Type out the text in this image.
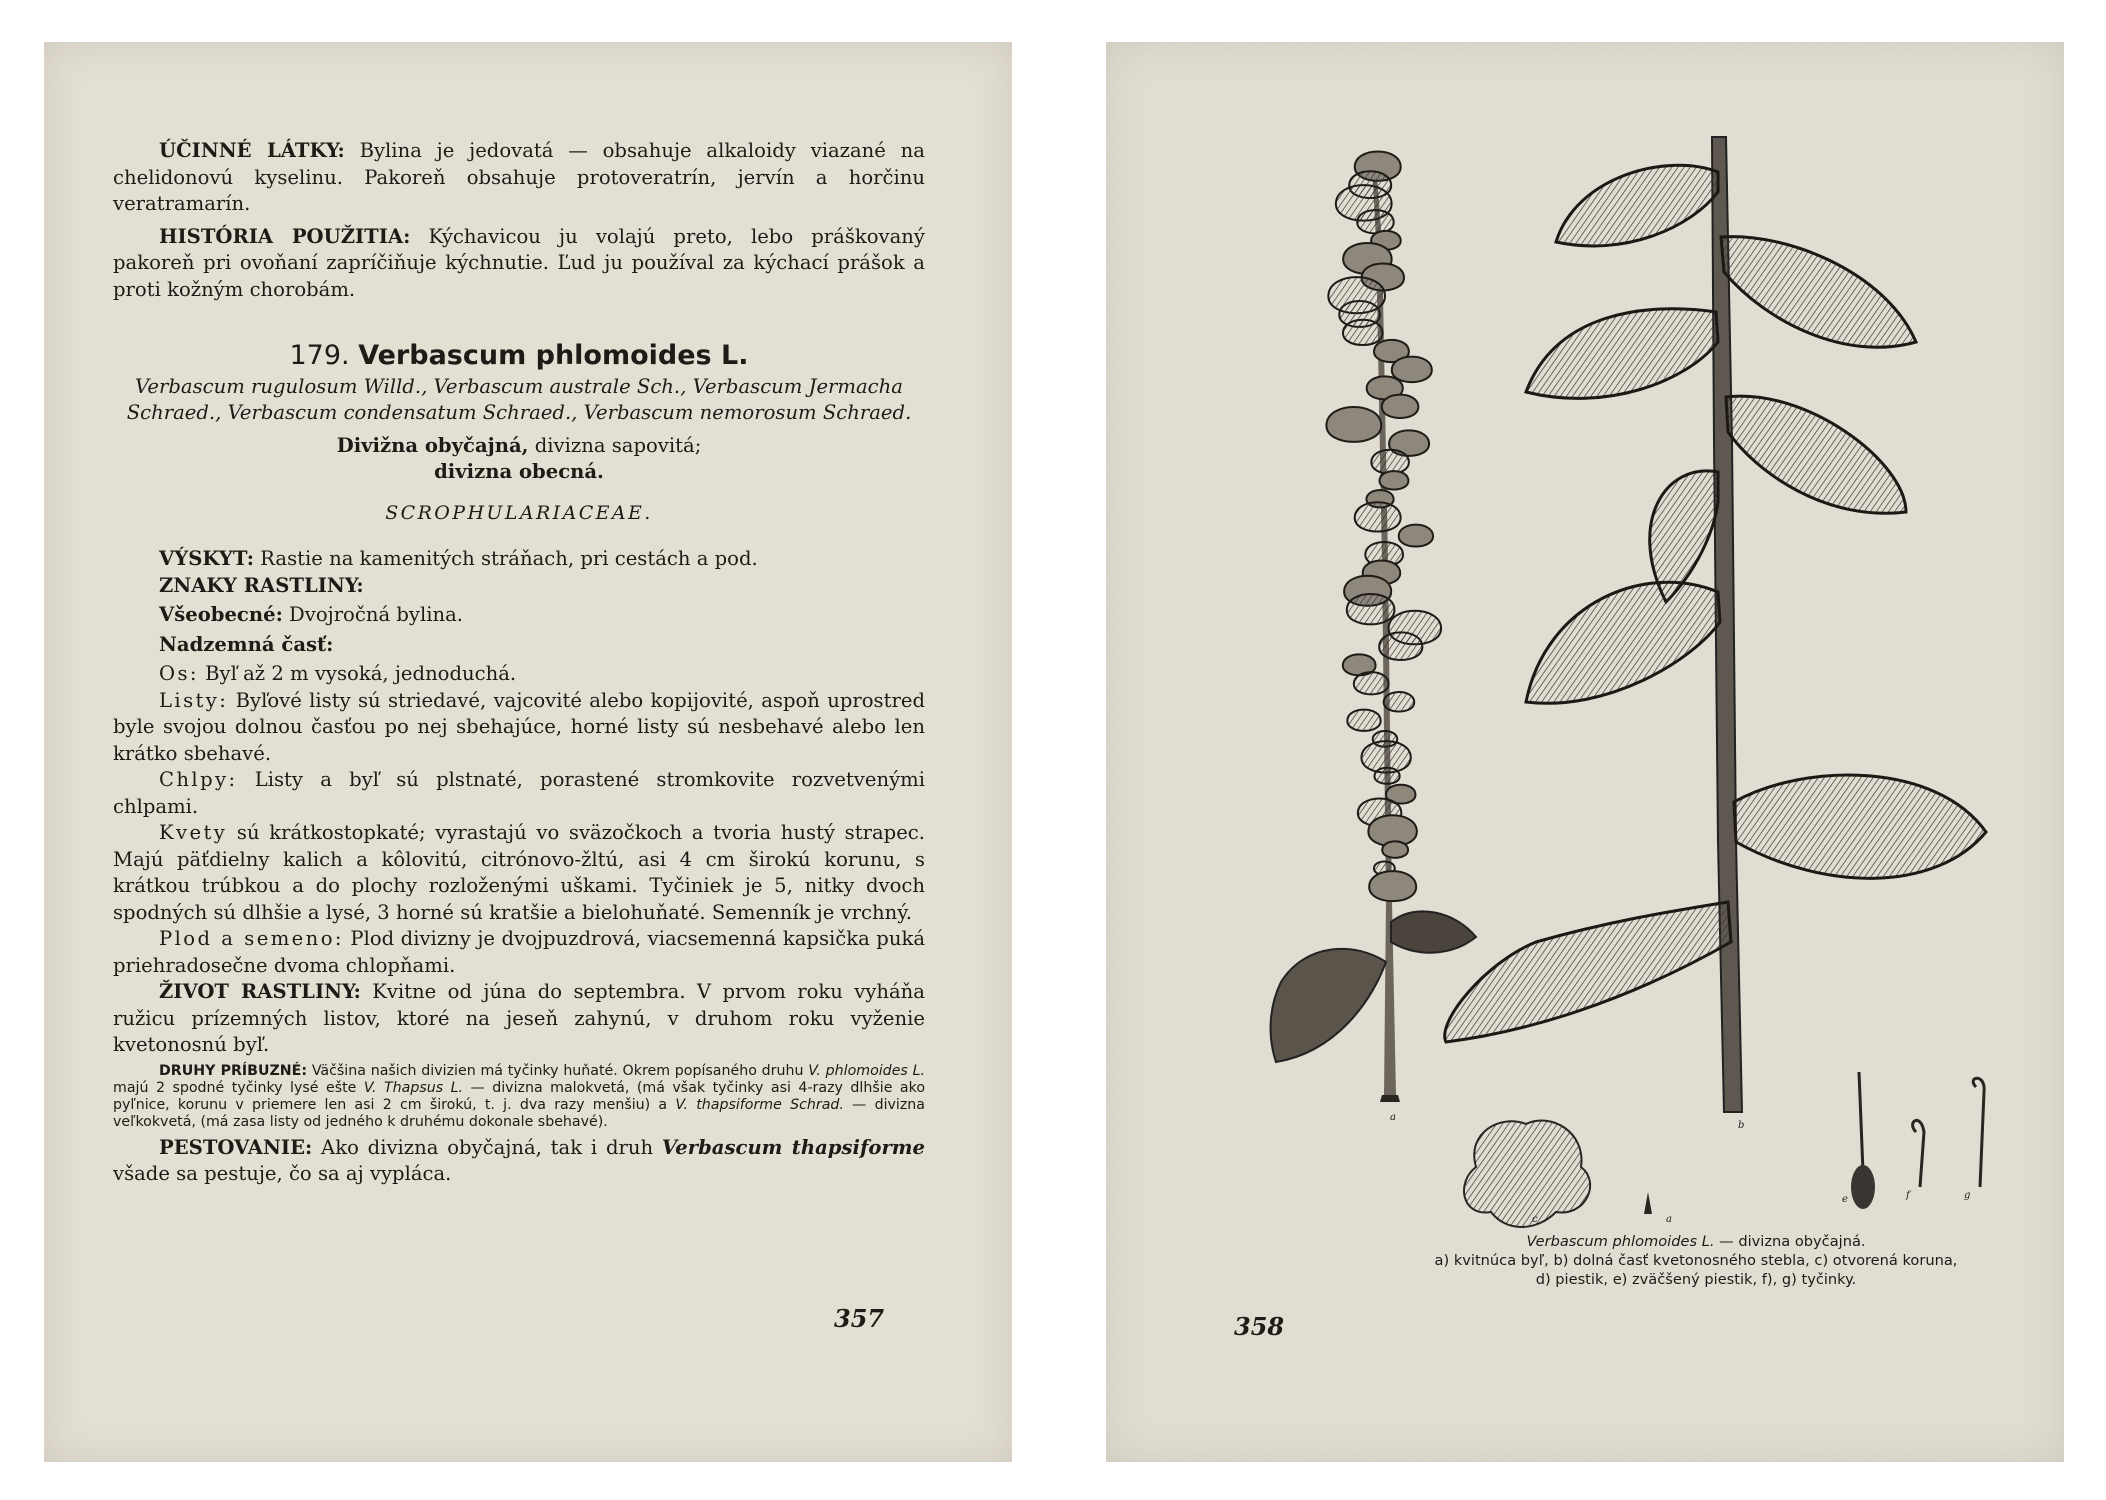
ÚČINNÉ LÁTKY: Bylina je jedovatá — obsahuje alkaloidy viazané na chelidonovú kyselinu. Pakoreň obsahuje protoveratrín, jervín a horčinu veratramarín.

HISTÓRIA POUŽITIA: Kýchavicou ju volajú preto, lebo práškovaný pakoreň pri ovoňaní zapríčiňuje kýchnutie. Ľud ju používal za kýchací prášok a proti kožným chorobám.

179. Verbascum phlomoides L.

Verbascum rugulosum Willd., Verbascum australe Sch., Verbascum Jermacha Schraed., Verbascum condensatum Schraed., Verbascum nemorosum Schraed.

Divižna obyčajná, divizna sapovitá;
divizna obecná.

SCROPHULARIACEAE.

VÝSKYT: Rastie na kamenitých stráňach, pri cestách a pod.

ZNAKY RASTLINY:

Všeobecné: Dvojročná bylina.

Nadzemná časť:

Os: Byľ až 2 m vysoká, jednoduchá.

Listy: Byľové listy sú striedavé, vajcovité alebo kopijovité, aspoň uprostred byle svojou dolnou časťou po nej sbehajúce, horné listy sú nesbehavé alebo len krátko sbehavé.

Chlpy: Listy a byľ sú plstnaté, porastené stromkovite rozvetvenými chlpami.

Kvety sú krátkostopkaté; vyrastajú vo sväzočkoch a tvoria hustý strapec. Majú päťdielny kalich a kôlovitú, citrónovo-žltú, asi 4 cm širokú korunu, s krátkou trúbkou a do plochy rozloženými uškami. Tyčiniek je 5, nitky dvoch spodných sú dlhšie a lysé, 3 horné sú kratšie a bielohuňaté. Semenník je vrchný.

Plod a semeno: Plod divizny je dvojpuzdrová, viacsemenná kapsička puká priehradosečne dvoma chlopňami.

ŽIVOT RASTLINY: Kvitne od júna do septembra. V prvom roku vyháňa ružicu prízemných listov, ktoré na jeseň zahynú, v druhom roku vyženie kvetonosnú byľ.

DRUHY PRÍBUZNÉ: Väčšina našich divizien má tyčinky huňaté. Okrem popísaného druhu V. phlomoides L. majú 2 spodné tyčinky lysé ešte V. Thapsus L. — divizna malokvetá, (má však tyčinky asi 4-razy dlhšie ako pyľnice, korunu v priemere len asi 2 cm širokú, t. j. dva razy menšiu) a V. thapsiforme Schrad. — divizna veľkokvetá, (má zasa listy od jedného k druhému dokonale sbehavé).

PESTOVANIE: Ako divizna obyčajná, tak i druh Verbascum thapsiforme všade sa pestuje, čo sa aj vypláca.

357
a
b
c	a
e	f	g
Verbascum phlomoides L. — divizna obyčajná.
a) kvitnúca byľ, b) dolná časť kvetonosného stebla, c) otvorená koruna,
d) piestik, e) zväčšený piestik, f), g) tyčinky.
358
